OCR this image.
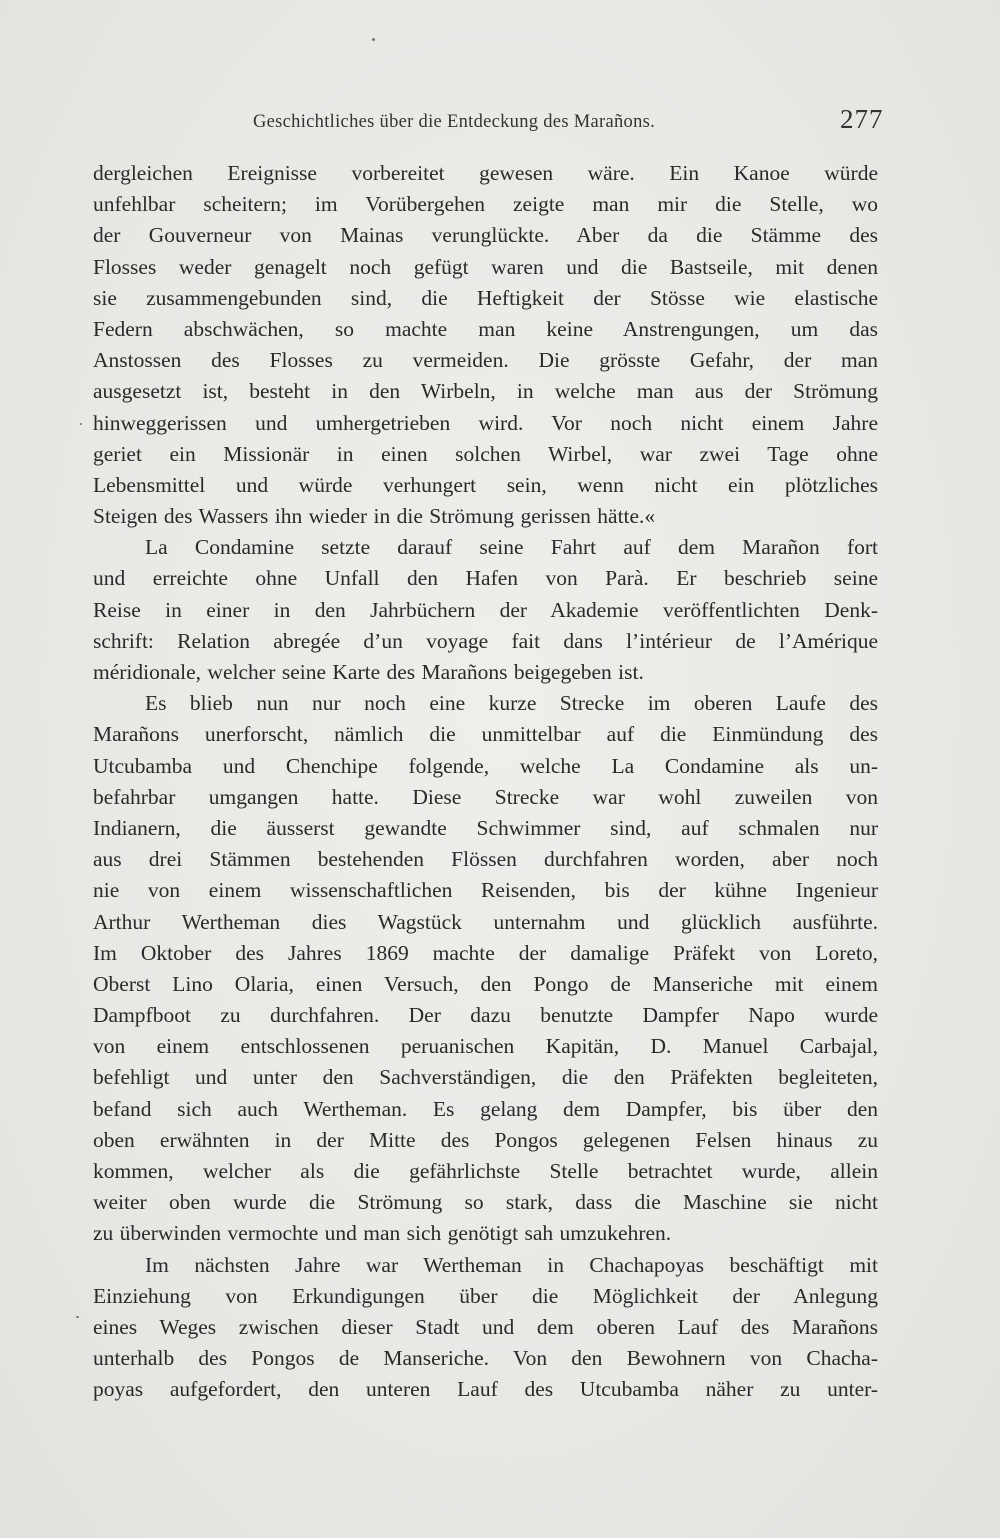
Geschichtliches über die Entdeckung des Marañons.	277
dergleichen Ereignisse vorbereitet gewesen wäre. Ein Kanoe würde
unfehlbar scheitern; im Vorübergehen zeigte man mir die Stelle, wo
der Gouverneur von Mainas verunglückte. Aber da die Stämme des
Flosses weder genagelt noch gefügt waren und die Bastseile, mit denen
sie zusammengebunden sind, die Heftigkeit der Stösse wie elastische
Federn abschwächen, so machte man keine Anstrengungen, um das
Anstossen des Flosses zu vermeiden. Die grösste Gefahr, der man
ausgesetzt ist, besteht in den Wirbeln, in welche man aus der Strömung
hinweggerissen und umhergetrieben wird. Vor noch nicht einem Jahre
geriet ein Missionär in einen solchen Wirbel, war zwei Tage ohne
Lebensmittel und würde verhungert sein, wenn nicht ein plötzliches
Steigen des Wassers ihn wieder in die Strömung gerissen hätte.«
La Condamine setzte darauf seine Fahrt auf dem Marañon fort
und erreichte ohne Unfall den Hafen von Parà. Er beschrieb seine
Reise in einer in den Jahrbüchern der Akademie veröffentlichten Denk-
schrift: Relation abregée d’un voyage fait dans l’intérieur de l’Amérique
méridionale, welcher seine Karte des Marañons beigegeben ist.
Es blieb nun nur noch eine kurze Strecke im oberen Laufe des
Marañons unerforscht, nämlich die unmittelbar auf die Einmündung des
Utcubamba und Chenchipe folgende, welche La Condamine als un-
befahrbar umgangen hatte. Diese Strecke war wohl zuweilen von
Indianern, die äusserst gewandte Schwimmer sind, auf schmalen nur
aus drei Stämmen bestehenden Flössen durchfahren worden, aber noch
nie von einem wissenschaftlichen Reisenden, bis der kühne Ingenieur
Arthur Wertheman dies Wagstück unternahm und glücklich ausführte.
Im Oktober des Jahres 1869 machte der damalige Präfekt von Loreto,
Oberst Lino Olaria, einen Versuch, den Pongo de Manseriche mit einem
Dampfboot zu durchfahren. Der dazu benutzte Dampfer Napo wurde
von einem entschlossenen peruanischen Kapitän, D. Manuel Carbajal,
befehligt und unter den Sachverständigen, die den Präfekten begleiteten,
befand sich auch Wertheman. Es gelang dem Dampfer, bis über den
oben erwähnten in der Mitte des Pongos gelegenen Felsen hinaus zu
kommen, welcher als die gefährlichste Stelle betrachtet wurde, allein
weiter oben wurde die Strömung so stark, dass die Maschine sie nicht
zu überwinden vermochte und man sich genötigt sah umzukehren.
Im nächsten Jahre war Wertheman in Chachapoyas beschäftigt mit
Einziehung von Erkundigungen über die Möglichkeit der Anlegung
eines Weges zwischen dieser Stadt und dem oberen Lauf des Marañons
unterhalb des Pongos de Manseriche. Von den Bewohnern von Chacha-
poyas aufgefordert, den unteren Lauf des Utcubamba näher zu unter-
